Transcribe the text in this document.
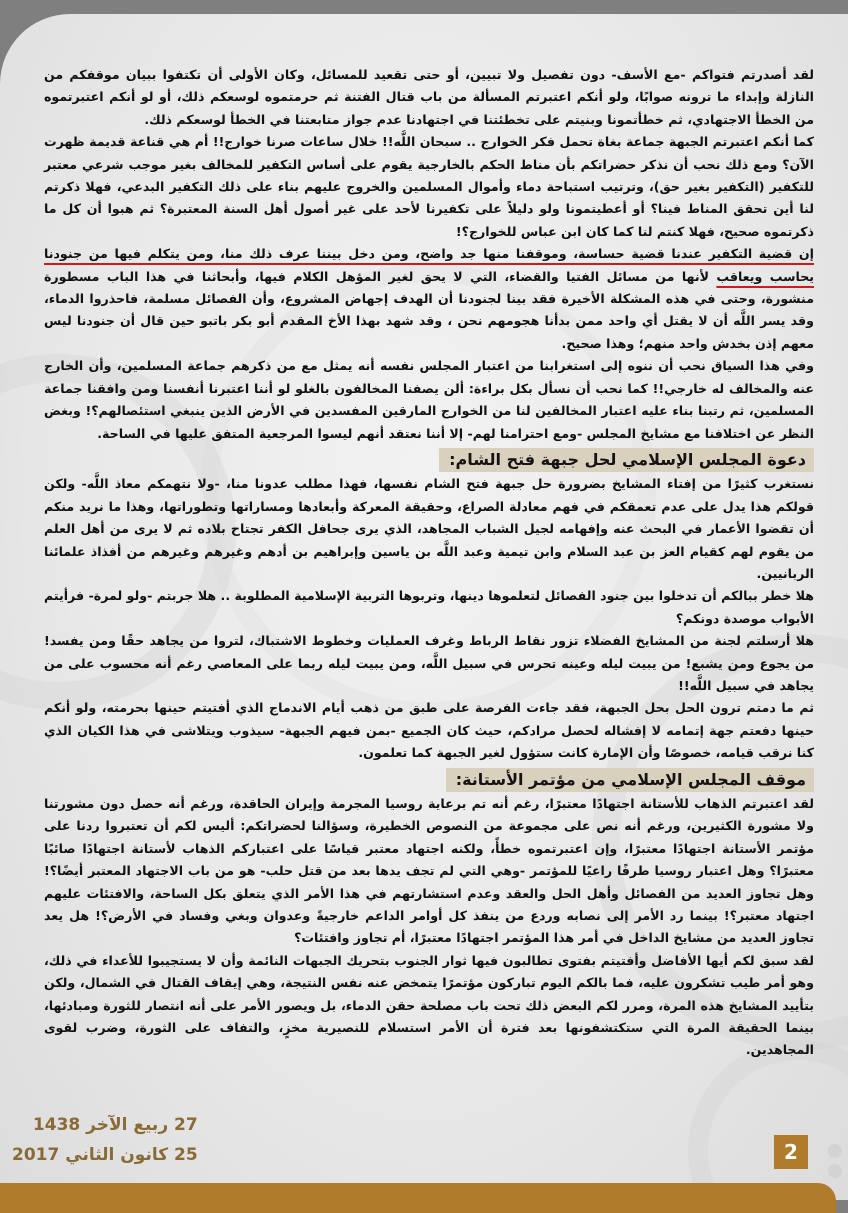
لقد أصدرتم فتواكم -مع الأسف- دون تفصيل ولا تبيين، أو حتى تقعيد للمسائل، وكان الأولى أن تكتفوا ببيان موقفكم من النازلة وإبداء ما ترونه صوابًا، ولو أنكم اعتبرتم المسألة من باب قتال الفتنة ثم حرمتموه لوسعكم ذلك، أو لو أنكم اعتبرتموه من الخطأ الاجتهادي، ثم خطأتمونا وبنيتم على تخطئتنا في اجتهادنا عدم جواز متابعتنا في الخطأ لوسعكم ذلك.

كما أنكم اعتبرتم الجبهة جماعة بغاة تحمل فكر الخوارج .. سبحان اللَّه!! خلال ساعات صرنا خوارج!! أم هي قناعة قديمة ظهرت الآن؟ ومع ذلك نحب أن نذكر حضراتكم بأن مناط الحكم بالخارجية يقوم على أساس التكفير للمخالف بغير موجب شرعي معتبر للتكفير (التكفير بغير حق)، وترتيب استباحة دماء وأموال المسلمين والخروج عليهم بناء على ذلك التكفير البدعي، فهلا ذكرتم لنا أين تحقق المناط فينا؟ أو أعطيتمونا ولو دليلاً على تكفيرنا لأحد على غير أصول أهل السنة المعتبرة؟ ثم هبوا أن كل ما ذكرتموه صحيح، فهلا كنتم لنا كما كان ابن عباس للخوارج؟!

إن قضية التكفير عندنا قضية حساسة، وموقفنا منها جد واضح، ومن دخل بيننا عرف ذلك منا، ومن يتكلم فيها من جنودنا يحاسب ويعاقب لأنها من مسائل الفتيا والقضاء، التي لا يحق لغير المؤهل الكلام فيها، وأبحاثنا في هذا الباب مسطورة منشورة، وحتى في هذه المشكلة الأخيرة فقد بينا لجنودنا أن الهدف إجهاض المشروع، وأن الفصائل مسلمة، فاحذروا الدماء، وقد يسر اللَّه أن لا يقتل أي واحد ممن بدأنا هجومهم نحن ، وقد شهد بهذا الأخ المقدم أبو بكر باتبو حين قال أن جنودنا ليس معهم إذن بخدش واحد منهم؛ وهذا صحيح.

وفي هذا السياق نحب أن ننوه إلى استغرابنا من اعتبار المجلس نفسه أنه يمثل مع من ذكرهم جماعة المسلمين، وأن الخارج عنه والمخالف له خارجي!! كما نحب أن نسأل بكل براءة: ألن يصفنا المخالفون بالغلو لو أننا اعتبرنا أنفسنا ومن وافقنا جماعة المسلمين، ثم رتبنا بناء عليه اعتبار المخالفين لنا من الخوارج المارقين المفسدين في الأرض الذين ينبغي استئصالهم؟! وبغض النظر عن اختلافنا مع مشايخ المجلس -ومع احترامنا لهم- إلا أننا نعتقد أنهم ليسوا المرجعية المتفق عليها في الساحة.

دعوة المجلس الإسلامي لحل جبهة فتح الشام:

نستغرب كثيرًا من إفتاء المشايخ بضرورة حل جبهة فتح الشام نفسها، فهذا مطلب عدونا منا، -ولا نتهمكم معاذ اللَّه- ولكن قولكم هذا يدل على عدم تعمقكم في فهم معادلة الصراع، وحقيقة المعركة وأبعادها ومساراتها وتطوراتها، وهذا ما نريد منكم أن تقضوا الأعمار في البحث عنه وإفهامه لجيل الشباب المجاهد، الذي يرى جحافل الكفر تجتاح بلاده ثم لا يرى من أهل العلم من يقوم لهم كقيام العز بن عبد السلام وابن تيمية وعبد اللَّه بن ياسين وإبراهيم بن أدهم وغيرهم وغيرهم من أفذاذ علمائنا الربانيين.

هلا خطر ببالكم أن تدخلوا بين جنود الفصائل لتعلموها دينها، وتربوها التربية الإسلامية المطلوبة .. هلا جربتم -ولو لمرة- فرأيتم الأبواب موصدة دونكم؟

هلا أرسلتم لجنة من المشايخ الفضلاء تزور نقاط الرباط وغرف العمليات وخطوط الاشتباك، لتروا من يجاهد حقًا ومن يفسد! من يجوع ومن يشبع! من يبيت ليله وعينه تحرس في سبيل اللَّه، ومن يبيت ليله ربما على المعاصي رغم أنه محسوب على من يجاهد في سبيل اللَّه!!

ثم ما دمتم ترون الحل بحل الجبهة، فقد جاءت الفرصة على طبق من ذهب أيام الاندماج الذي أفتيتم حينها بحرمته، ولو أنكم حينها دفعتم جهة إتمامه لا إفشاله لحصل مرادكم، حيث كان الجميع -بمن فيهم الجبهة- سيذوب ويتلاشى في هذا الكيان الذي كنا نرقب قيامه، خصوصًا وأن الإمارة كانت ستؤول لغير الجبهة كما تعلمون.

موقف المجلس الإسلامي من مؤتمر الأستانة:

لقد اعتبرتم الذهاب للأستانة اجتهادًا معتبرًا، رغم أنه تم برعاية روسيا المجرمة وإيران الحاقدة، ورغم أنه حصل دون مشورتنا ولا مشورة الكثيرين، ورغم أنه نص على مجموعة من النصوص الخطيرة، وسؤالنا لحضراتكم: أليس لكم أن تعتبروا ردنا على مؤتمر الأستانة اجتهادًا معتبرًا، وإن اعتبرتموه خطأً، ولكنه اجتهاد معتبر قياسًا على اعتباركم الذهاب لأستانة اجتهادًا صائبًا معتبرًا؟ وهل اعتبار روسيا طرفًا راعيًا للمؤتمر -وهي التي لم تجف يدها بعد من قتل حلب- هو من باب الاجتهاد المعتبر أيضًا؟! وهل تجاوز العديد من الفصائل وأهل الحل والعقد وعدم استشارتهم في هذا الأمر الذي يتعلق بكل الساحة، والافتئات عليهم اجتهاد معتبر؟! بينما رد الأمر إلى نصابه وردع من ينفذ كل أوامر الداعم خارجيةً وعدوان وبغي وفساد في الأرض؟! هل يعد تجاوز العديد من مشايخ الداخل في أمر هذا المؤتمر اجتهادًا معتبرًا، أم تجاوز وافتئات؟

لقد سبق لكم أيها الأفاضل وأفتيتم بفتوى تطالبون فيها ثوار الجنوب بتحريك الجبهات النائمة وأن لا يستجيبوا للأعداء في ذلك، وهو أمر طيب تشكرون عليه، فما بالكم اليوم تباركون مؤتمرًا يتمخض عنه نفس النتيجة، وهي إيقاف القتال في الشمال، ولكن بتأييد المشايخ هذه المرة، ومرر لكم البعض ذلك تحت باب مصلحة حقن الدماء، بل ويصور الأمر على أنه انتصار للثورة ومبادئها، بينما الحقيقة المرة التي ستكتشفونها بعد فترة أن الأمر استسلام للنصيرية مخزٍ، والتفاف على الثورة، وضرب لقوى المجاهدين.

27 ربيع الآخر 1438
25 كانون الثاني 2017	2
